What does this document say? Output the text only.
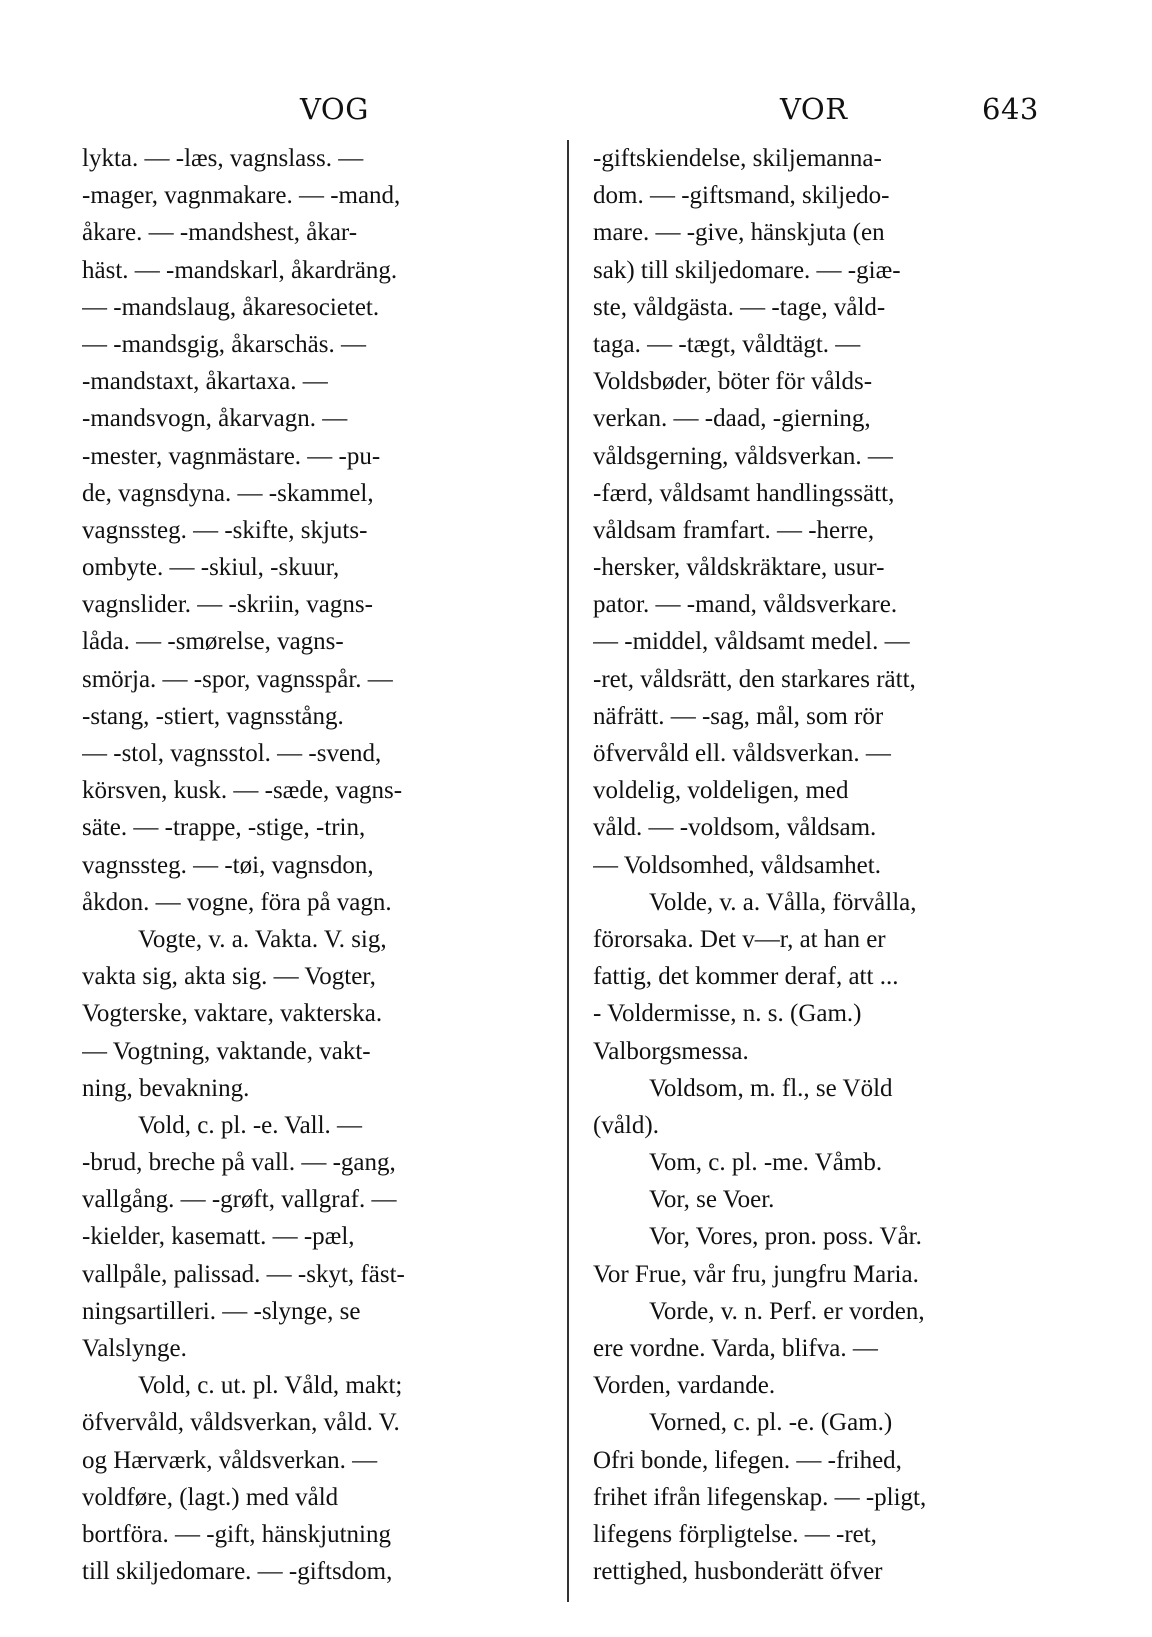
VOG	VOR	643
lykta. — -læs, vagnslass. —
-mager, vagnmakare. — -mand,
åkare. — -mandshest, åkar-
häst. — -mandskarl, åkardräng.
— -mandslaug, åkaresocietet.
— -mandsgig, åkarschäs. —
-mandstaxt, åkartaxa. —
-mandsvogn, åkarvagn. —
-mester, vagnmästare. — -pu-
de, vagnsdyna. — -skammel,
vagnssteg. — -skifte, skjuts-
ombyte. — -skiul, -skuur,
vagnslider. — -skriin, vagns-
låda. — -smørelse, vagns-
smörja. — -spor, vagnsspår. —
-stang, -stiert, vagnsstång.
— -stol, vagnsstol. — -svend,
körsven, kusk. — -sæde, vagns-
säte. — -trappe, -stige, -trin,
vagnssteg. — -tøi, vagnsdon,
åkdon. — vogne, föra på vagn.
Vogte, v. a. Vakta. V. sig,
vakta sig, akta sig. — Vogter,
Vogterske, vaktare, vakterska.
— Vogtning, vaktande, vakt-
ning, bevakning.
Vold, c. pl. -e. Vall. —
-brud, breche på vall. — -gang,
vallgång. — -grøft, vallgraf. —
-kielder, kasematt. — -pæl,
vallpåle, palissad. — -skyt, fäst-
ningsartilleri. — -slynge, se
Valslynge.
Vold, c. ut. pl. Våld, makt;
öfvervåld, våldsverkan, våld. V.
og Hærværk, våldsverkan. —
voldføre, (lagt.) med våld
bortföra. — -gift, hänskjutning
till skiljedomare. — -giftsdom,
-giftskiendelse, skiljemanna-
dom. — -giftsmand, skiljedo-
mare. — -give, hänskjuta (en
sak) till skiljedomare. — -giæ-
ste, våldgästa. — -tage, våld-
taga. — -tægt, våldtägt. —
Voldsbøder, böter för vålds-
verkan. — -daad, -gierning,
våldsgerning, våldsverkan. —
-færd, våldsamt handlingssätt,
våldsam framfart. — -herre,
-hersker, våldskräktare, usur-
pator. — -mand, våldsverkare.
— -middel, våldsamt medel. —
-ret, våldsrätt, den starkares rätt,
näfrätt. — -sag, mål, som rör
öfvervåld ell. våldsverkan. —
voldelig, voldeligen, med
våld. — -voldsom, våldsam.
— Voldsomhed, våldsamhet.
Volde, v. a. Vålla, förvålla,
förorsaka. Det v—r, at han er
fattig, det kommer deraf, att ...
- Voldermisse, n. s. (Gam.)
Valborgsmessa.
Voldsom, m. fl., se Völd
(våld).
Vom, c. pl. -me. Våmb.
Vor, se Voer.
Vor, Vores, pron. poss. Vår.
Vor Frue, vår fru, jungfru Maria.
Vorde, v. n. Perf. er vorden,
ere vordne. Varda, blifva. —
Vorden, vardande.
Vorned, c. pl. -e. (Gam.)
Ofri bonde, lifegen. — -frihed,
frihet ifrån lifegenskap. — -pligt,
lifegens förpligtelse. — -ret,
rettighed, husbonderätt öfver
